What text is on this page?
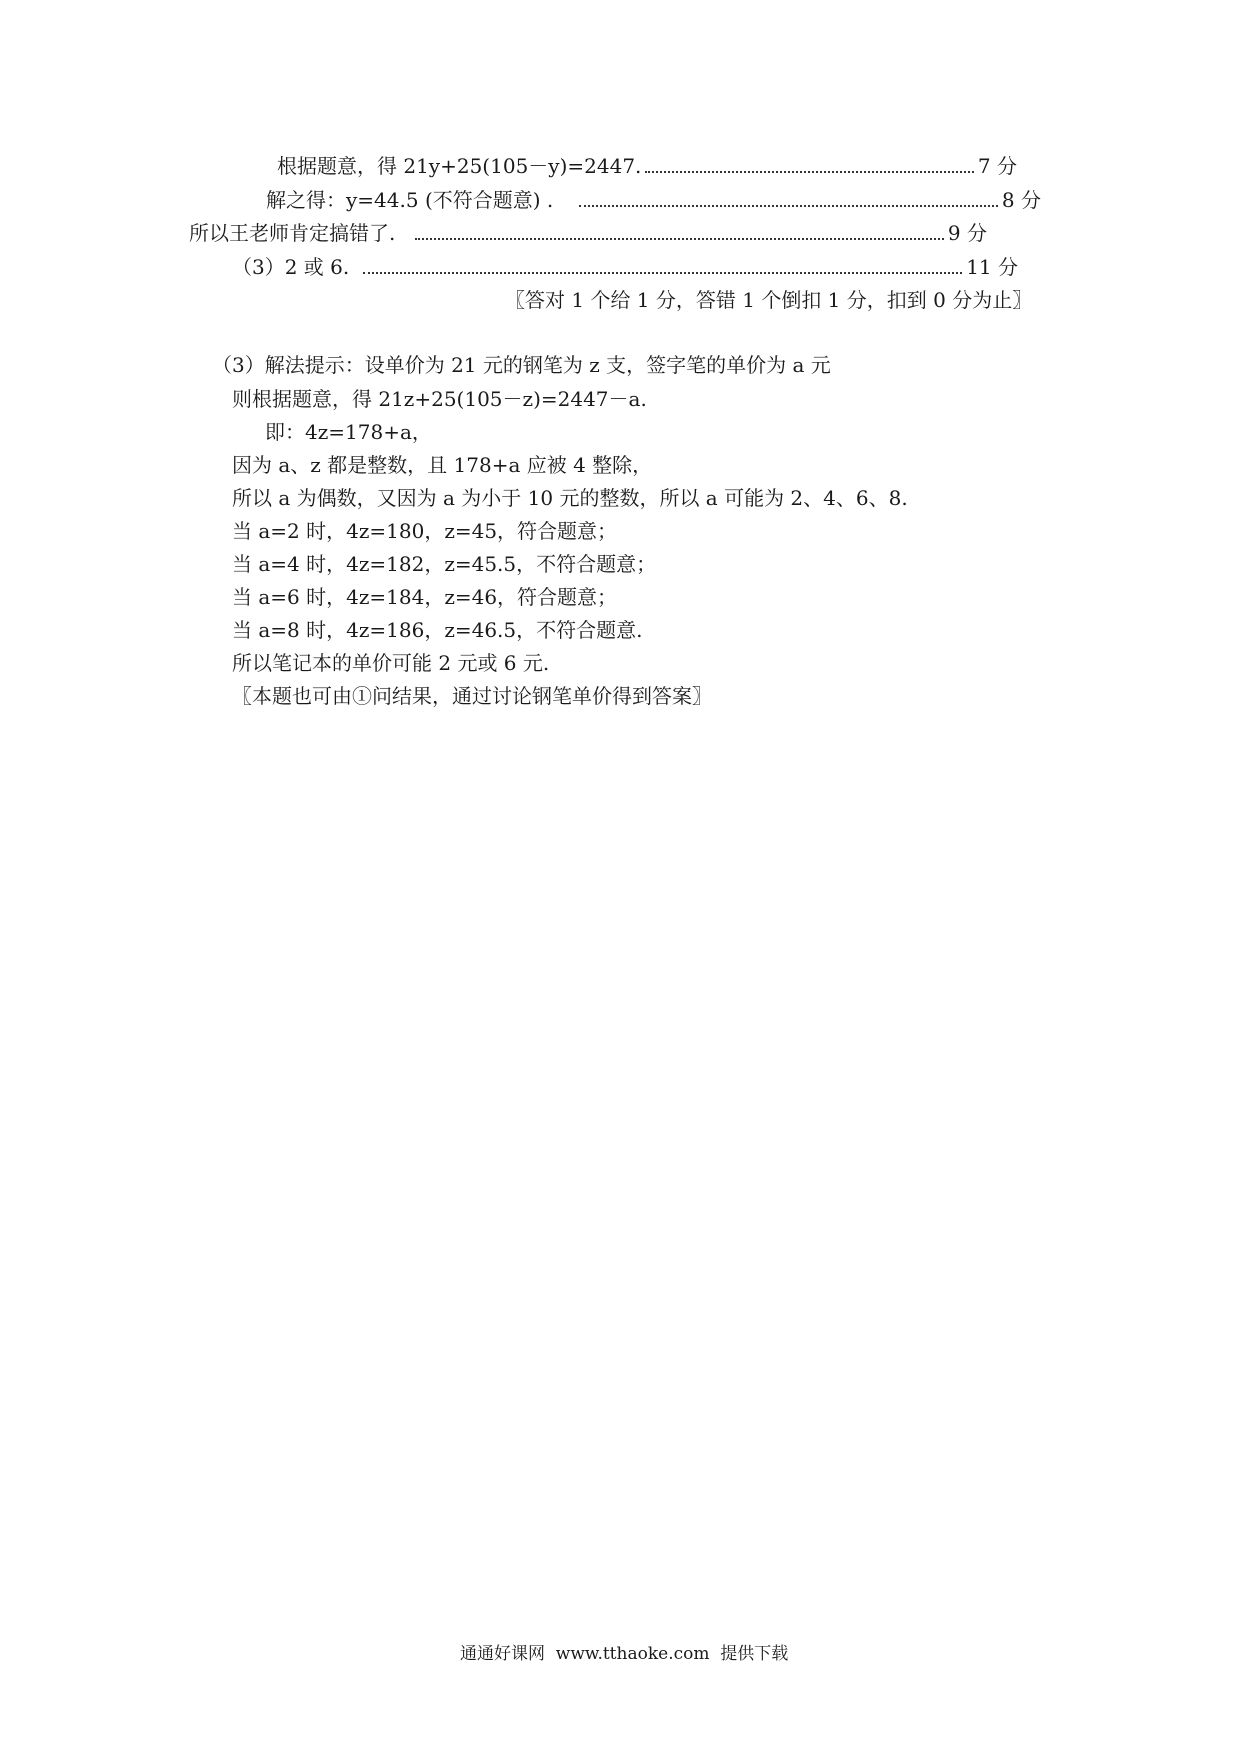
根据题意，得 21y+25(105－y)=2447.	7 分
解之得：y=44.5 (不符合题意) .	8 分
所以王老师肯定搞错了.	9 分
（3）2 或 6.	11 分
〖答对 1 个给 1 分，答错 1 个倒扣 1 分，扣到 0 分为止〗
（3）解法提示：设单价为 21 元的钢笔为 z 支，签字笔的单价为 a 元
则根据题意，得 21z+25(105－z)=2447－a.
即：4z=178+a，
因为 a、z 都是整数，且 178+a 应被 4 整除，
所以 a 为偶数，又因为 a 为小于 10 元的整数，所以 a 可能为 2、4、6、8.
当 a=2 时，4z=180，z=45，符合题意；
当 a=4 时，4z=182，z=45.5，不符合题意；
当 a=6 时，4z=184，z=46，符合题意；
当 a=8 时，4z=186，z=46.5，不符合题意.
所以笔记本的单价可能 2 元或 6 元.
〖本题也可由①问结果，通过讨论钢笔单价得到答案〗
通通好课网  www.tthaoke.com  提供下载
